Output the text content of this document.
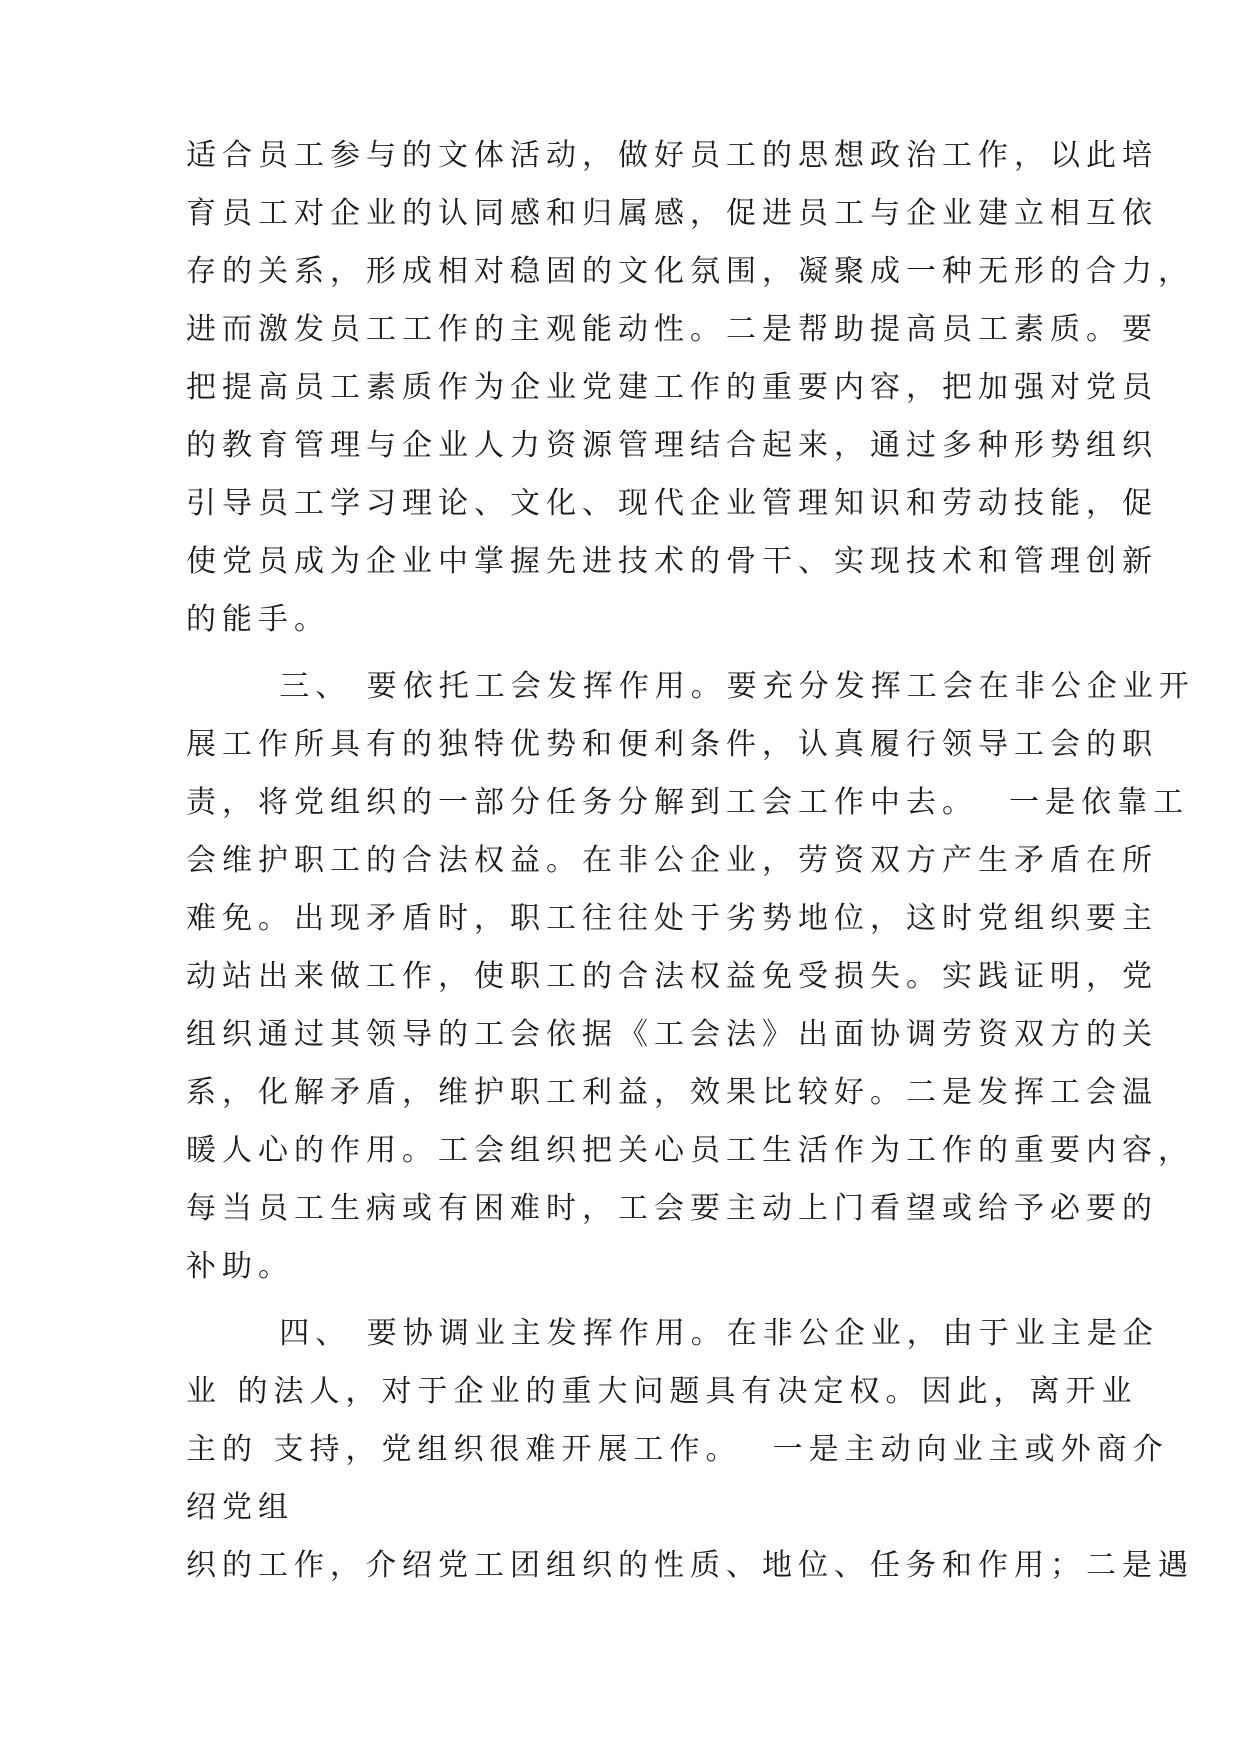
适合员工参与的文体活动，做好员工的思想政治工作，以此培
育员工对企业的认同感和归属感，促进员工与企业建立相互依
存的关系，形成相对稳固的文化氛围，凝聚成一种无形的合力，
进而激发员工工作的主观能动性。二是帮助提高员工素质。要
把提高员工素质作为企业党建工作的重要内容，把加强对党员
的教育管理与企业人力资源管理结合起来，通过多种形势组织
引导员工学习理论、文化、现代企业管理知识和劳动技能，促
使党员成为企业中掌握先进技术的骨干、实现技术和管理创新
的能手。
三、 要依托工会发挥作用。要充分发挥工会在非公企业开
展工作所具有的独特优势和便利条件，认真履行领导工会的职
责，将党组织的一部分任务分解到工会工作中去。  一是依靠工
会维护职工的合法权益。在非公企业，劳资双方产生矛盾在所
难免。出现矛盾时，职工往往处于劣势地位，这时党组织要主
动站出来做工作，使职工的合法权益免受损失。实践证明，党
组织通过其领导的工会依据《工会法》出面协调劳资双方的关
系，化解矛盾，维护职工利益，效果比较好。二是发挥工会温
暖人心的作用。工会组织把关心员工生活作为工作的重要内容，
每当员工生病或有困难时，工会要主动上门看望或给予必要的
补助。
四、 要协调业主发挥作用。在非公企业，由于业主是企
业 的法人，对于企业的重大问题具有决定权。因此，离开业
主的 支持，党组织很难开展工作。  一是主动向业主或外商介
绍党组
织的工作，介绍党工团组织的性质、地位、任务和作用；二是遇
